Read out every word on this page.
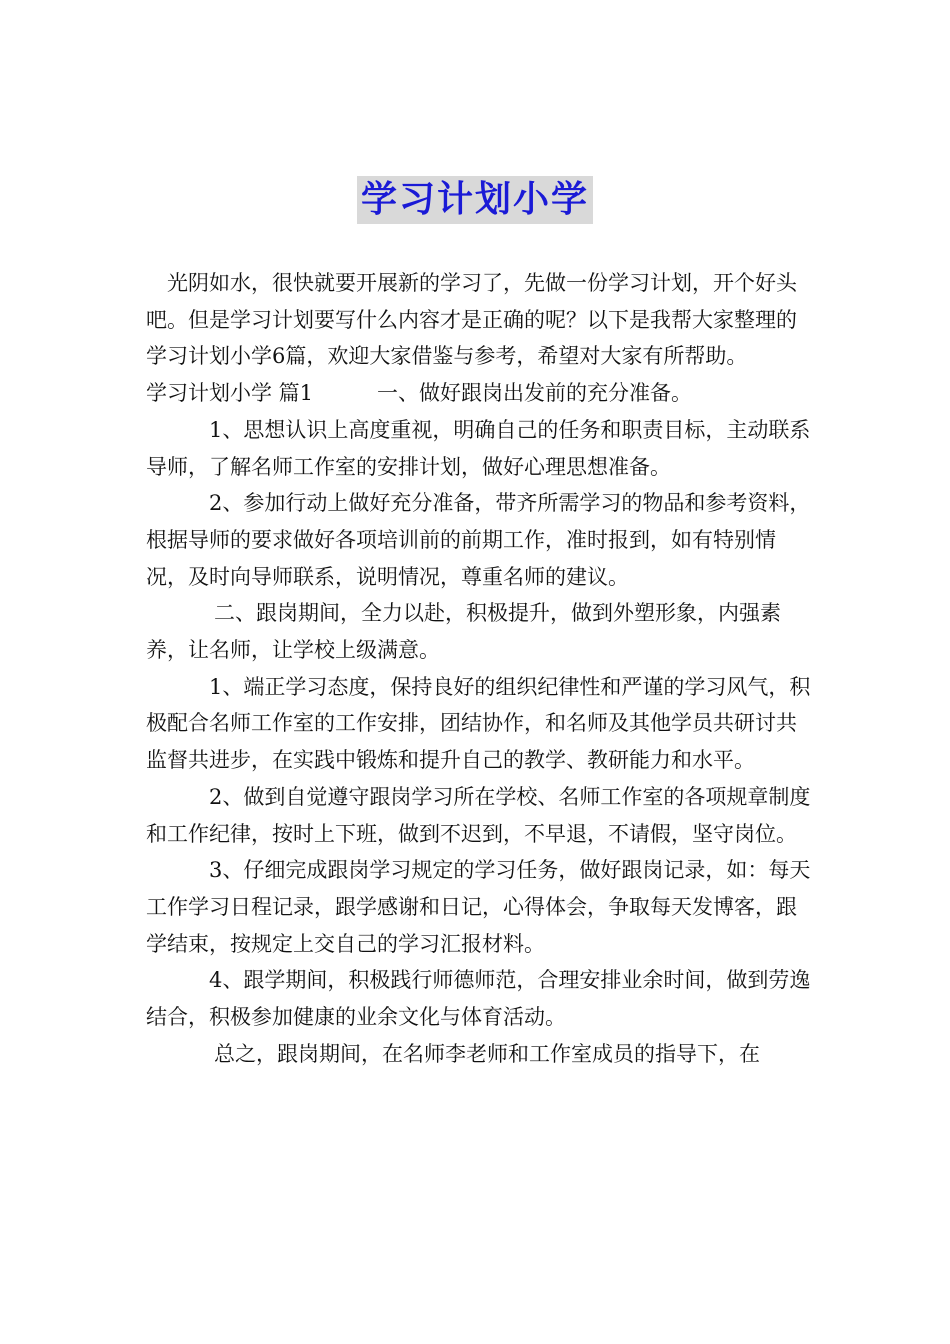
学习计划小学

光阴如水，很快就要开展新的学习了，先做一份学习计划，开个好头吧。但是学习计划要写什么内容才是正确的呢？以下是我帮大家整理的学习计划小学6篇，欢迎大家借鉴与参考，希望对大家有所帮助。

学习计划小学 篇1	一、做好跟岗出发前的充分准备。

1、思想认识上高度重视，明确自己的任务和职责目标，主动联系导师，了解名师工作室的安排计划，做好心理思想准备。

2、参加行动上做好充分准备，带齐所需学习的物品和参考资料，根据导师的要求做好各项培训前的前期工作，准时报到，如有特别情况，及时向导师联系，说明情况，尊重名师的建议。

二、跟岗期间，全力以赴，积极提升，做到外塑形象，内强素养，让名师，让学校上级满意。

1、端正学习态度，保持良好的组织纪律性和严谨的学习风气，积极配合名师工作室的工作安排，团结协作，和名师及其他学员共研讨共监督共进步，在实践中锻炼和提升自己的教学、教研能力和水平。

2、做到自觉遵守跟岗学习所在学校、名师工作室的各项规章制度和工作纪律，按时上下班，做到不迟到，不早退，不请假，坚守岗位。

3、仔细完成跟岗学习规定的学习任务，做好跟岗记录，如：每天工作学习日程记录，跟学感谢和日记，心得体会，争取每天发博客，跟学结束，按规定上交自己的学习汇报材料。

4、跟学期间，积极践行师德师范，合理安排业余时间，做到劳逸结合，积极参加健康的业余文化与体育活动。

总之，跟岗期间，在名师李老师和工作室成员的指导下，在
